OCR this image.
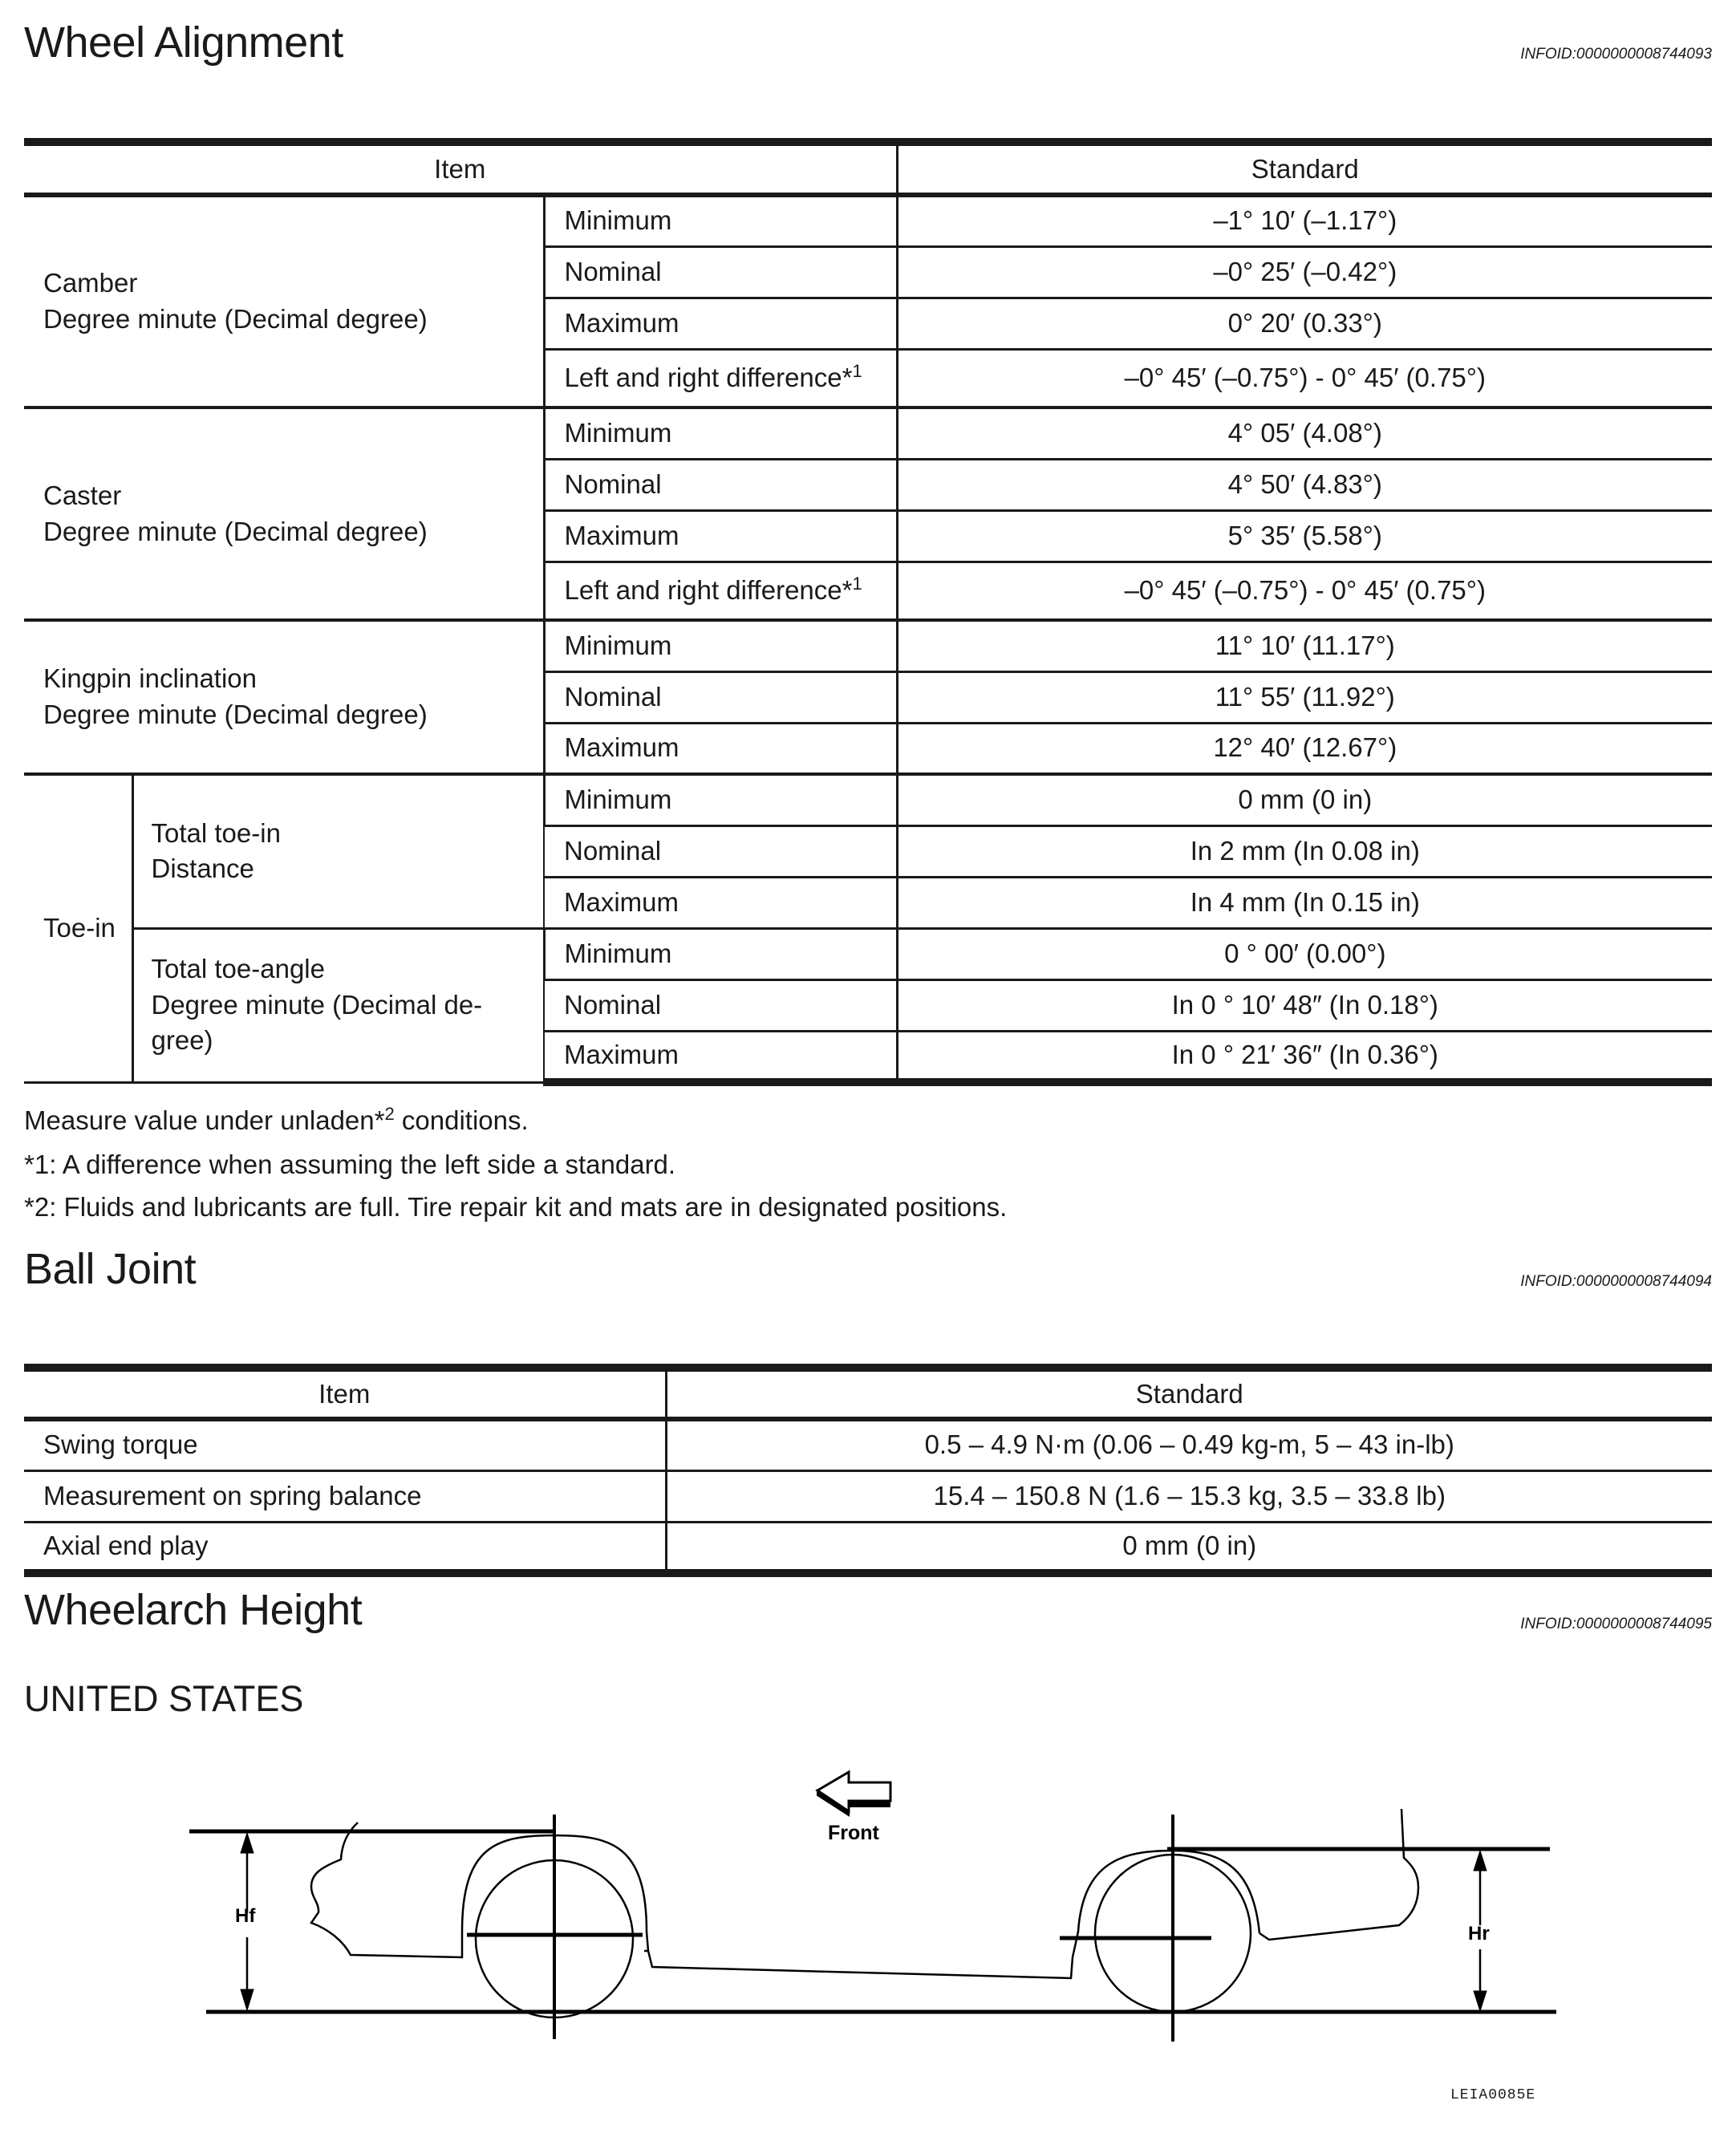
Wheel Alignment	INFOID:0000000008744093
Item			Standard

Camber
Degree minute (Decimal degree)		Minimum	–1° 10′ (–1.17°)
		Nominal	–0° 25′ (–0.42°)
		Maximum	0° 20′ (0.33°)
		Left and right difference*$^1$	–0° 45′ (–0.75°) - 0° 45′ (0.75°)

Caster
Degree minute (Decimal degree)		Minimum	4° 05′ (4.08°)
		Nominal	4° 50′ (4.83°)
		Maximum	5° 35′ (5.58°)
		Left and right difference*$^1$	–0° 45′ (–0.75°) - 0° 45′ (0.75°)

Kingpin inclination
Degree minute (Decimal degree)		Minimum	11° 10′ (11.17°)
		Nominal	11° 55′ (11.92°)
		Maximum	12° 40′ (12.67°)
Toe-in	Total toe-in
Distance	Minimum	0 mm (0 in)
		Nominal	In 2 mm (In 0.08 in)
		Maximum	In 4 mm (In 0.15 in)

	Total toe-angle
Degree minute (Decimal de-
gree)	Minimum	0 ° 00′ (0.00°)
		Nominal	In 0 ° 10′ 48″ (In 0.18°)
		Maximum	In 0 ° 21′ 36″ (In 0.36°)
Measure value under unladen*$^2$ conditions.
*1: A difference when assuming the left side a standard.
*2: Fluids and lubricants are full. Tire repair kit and mats are in designated positions.
Ball Joint	INFOID:0000000008744094
Item	Standard
Swing torque	0.5 – 4.9 N·m (0.06 – 0.49 kg-m, 5 – 43 in-lb)
Measurement on spring balance	15.4 – 150.8 N (1.6 – 15.3 kg, 3.5 – 33.8 lb)
Axial end play	0 mm (0 in)
Wheelarch Height	INFOID:0000000008744095
UNITED STATES
Front
Hf
Hr
LEIA0085E
